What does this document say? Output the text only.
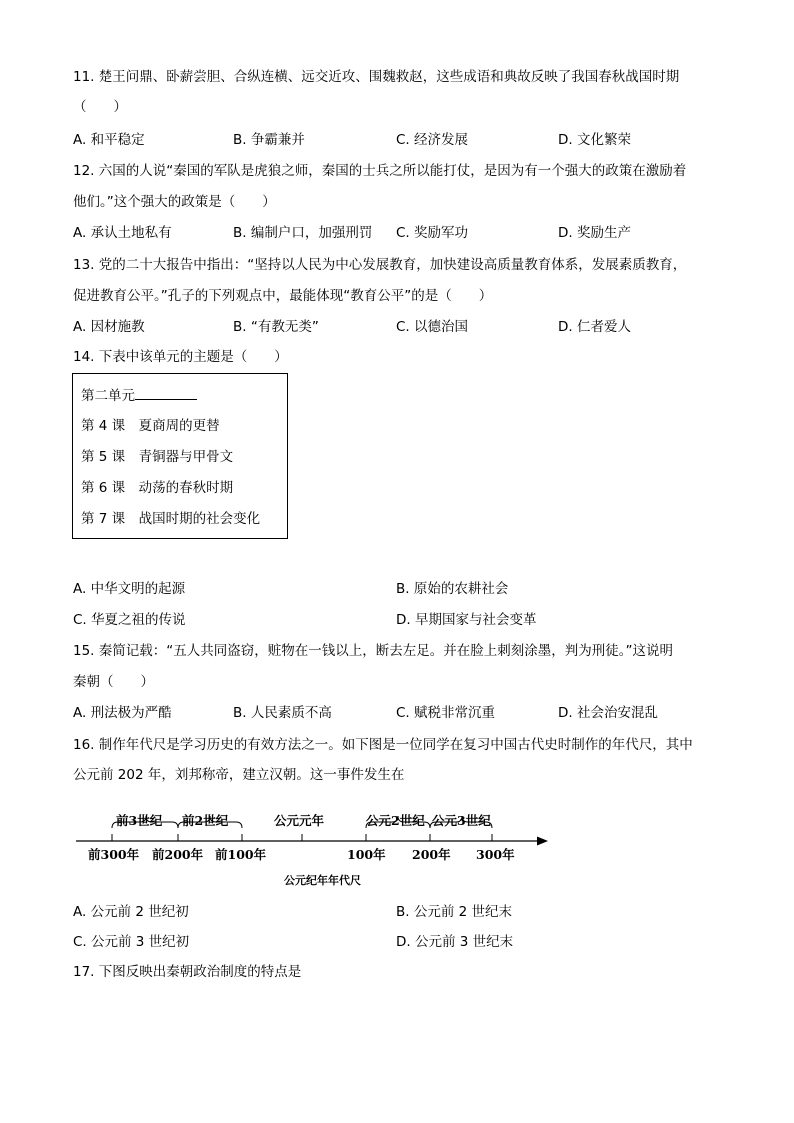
11. 楚王问鼎、卧薪尝胆、合纵连横、远交近攻、围魏救赵，这些成语和典故反映了我国春秋战国时期
（　　）
A. 和平稳定	B. 争霸兼并	C. 经济发展	D. 文化繁荣
12. 六国的人说“秦国的军队是虎狼之师，秦国的士兵之所以能打仗，是因为有一个强大的政策在激励着
他们。”这个强大的政策是（　　）
A. 承认土地私有	B. 编制户口，加强刑罚 C. 奖励军功	D. 奖励生产
13. 党的二十大报告中指出：“坚持以人民为中心发展教育，加快建设高质量教育体系，发展素质教育，
促进教育公平。”孔子的下列观点中，最能体现“教育公平”的是（　　）
A. 因材施教	B. “有教无类”	C. 以德治国	D. 仁者爱人
14. 下表中该单元的主题是（　　）
第二单元
第 4 课　夏商周的更替
第 5 课　青铜器与甲骨文
第 6 课　动荡的春秋时期
第 7 课　战国时期的社会变化
A. 中华文明的起源	B. 原始的农耕社会
C. 华夏之祖的传说	D. 早期国家与社会变革
15. 秦简记载：“五人共同盗窃，赃物在一钱以上，断去左足。并在脸上刺刻涂墨，判为刑徒。”这说明
秦朝（　　）
A. 刑法极为严酷	B. 人民素质不高	C. 赋税非常沉重	D. 社会治安混乱
16. 制作年代尺是学习历史的有效方法之一。如下图是一位同学在复习中国古代史时制作的年代尺，其中
公元前 202 年，刘邦称帝，建立汉朝。这一事件发生在
前3世纪 前2世纪	公元元年	公元2世纪 公元3世纪
前300年 前200年 前100年	100年 200年 300年
公元纪年年代尺
A. 公元前 2 世纪初	B. 公元前 2 世纪末
C. 公元前 3 世纪初	D. 公元前 3 世纪末
17. 下图反映出秦朝政治制度的特点是
